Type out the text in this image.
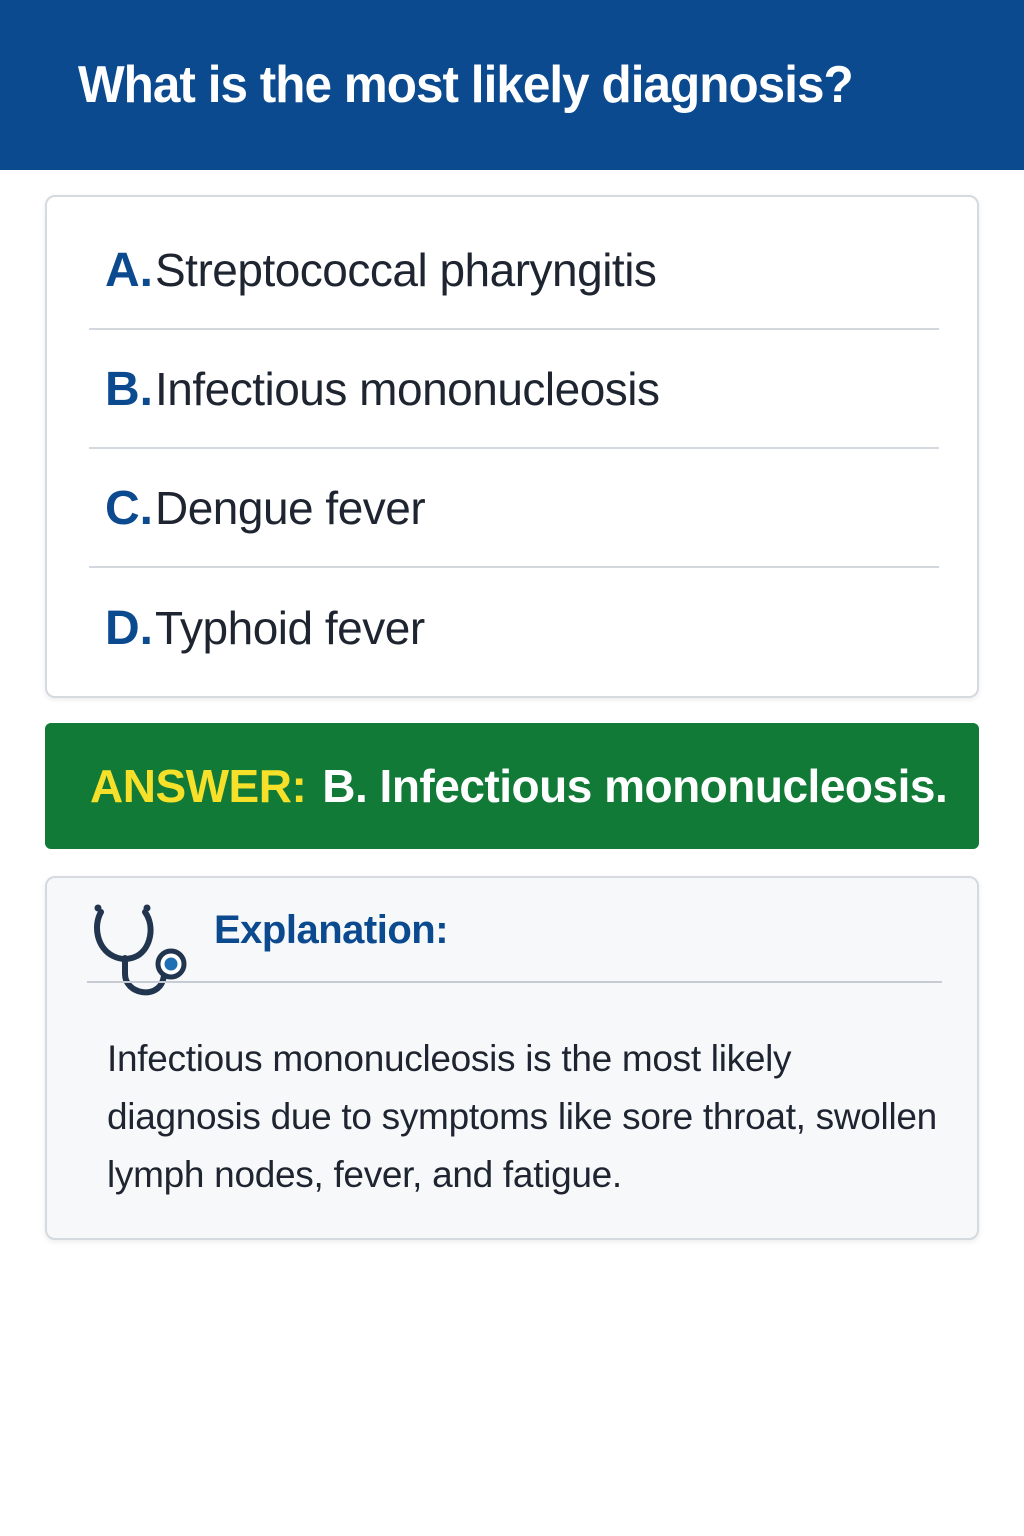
What is the most likely diagnosis?
A. Streptococcal pharyngitis
B. Infectious mononucleosis
C. Dengue fever
D. Typhoid fever
ANSWER: B. Infectious mononucleosis.
Explanation:

Infectious mononucleosis is the most likely diagnosis due to symptoms like sore throat, swollen lymph nodes, fever, and fatigue.
